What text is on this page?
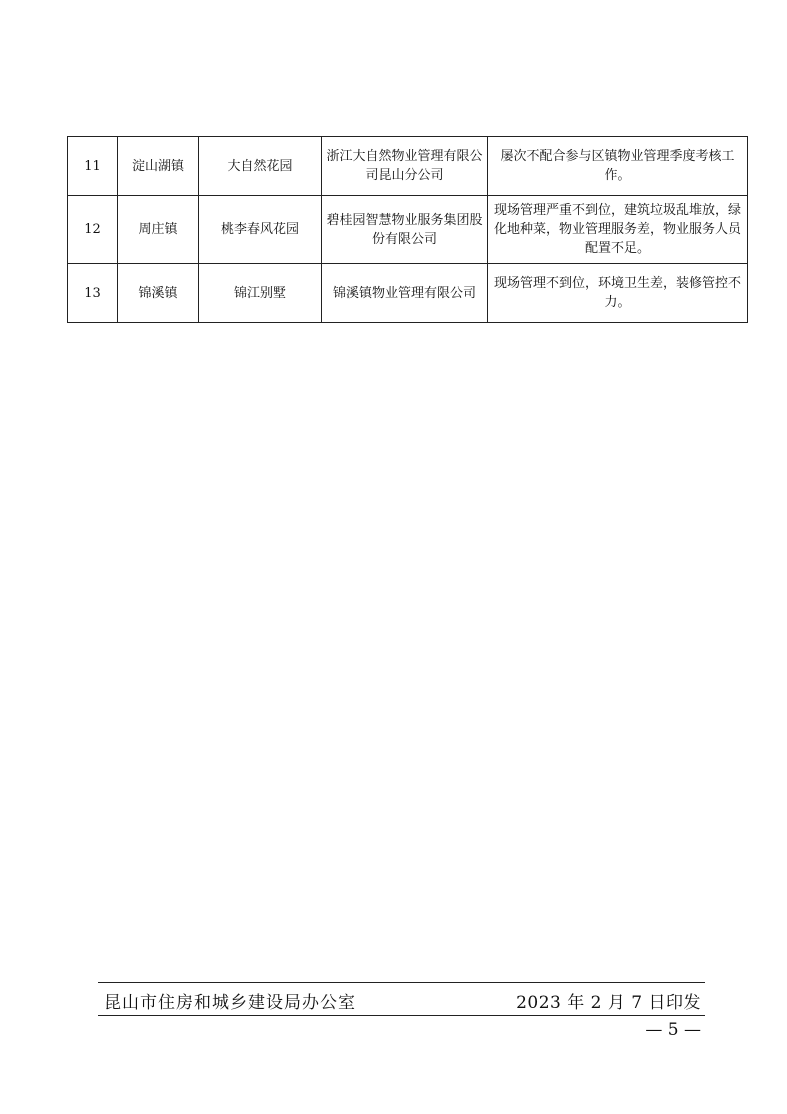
11	淀山湖镇	大自然花园	浙江大自然物业管理有限公司昆山分公司	屡次不配合参与区镇物业管理季度考核工作。
12	周庄镇	桃李春风花园	碧桂园智慧物业服务集团股份有限公司	现场管理严重不到位，建筑垃圾乱堆放，绿化地种菜，物业管理服务差，物业服务人员配置不足。
13	锦溪镇	锦江别墅	锦溪镇物业管理有限公司	现场管理不到位，环境卫生差，装修管控不力。
昆山市住房和城乡建设局办公室	2023 年 2 月 7 日印发
— 5 —
